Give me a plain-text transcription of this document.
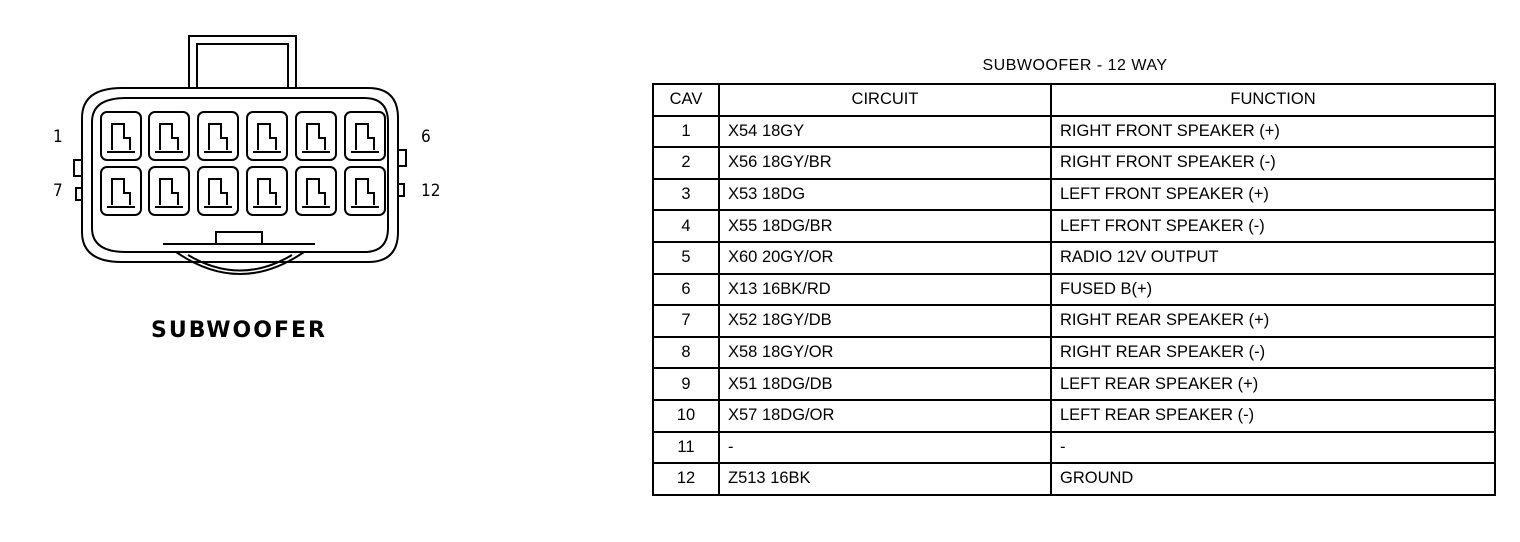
1
7
6
12
SUBWOOFER
SUBWOOFER - 12 WAY
CAV	CIRCUIT	FUNCTION
1	X54 18GY	RIGHT FRONT SPEAKER (+)
2	X56 18GY/BR	RIGHT FRONT SPEAKER (-)
3	X53 18DG	LEFT FRONT SPEAKER (+)
4	X55 18DG/BR	LEFT FRONT SPEAKER (-)
5	X60 20GY/OR	RADIO 12V OUTPUT
6	X13 16BK/RD	FUSED B(+)
7	X52 18GY/DB	RIGHT REAR SPEAKER (+)
8	X58 18GY/OR	RIGHT REAR SPEAKER (-)
9	X51 18DG/DB	LEFT REAR SPEAKER (+)
10	X57 18DG/OR	LEFT REAR SPEAKER (-)
11	-	-
12	Z513 16BK	GROUND
